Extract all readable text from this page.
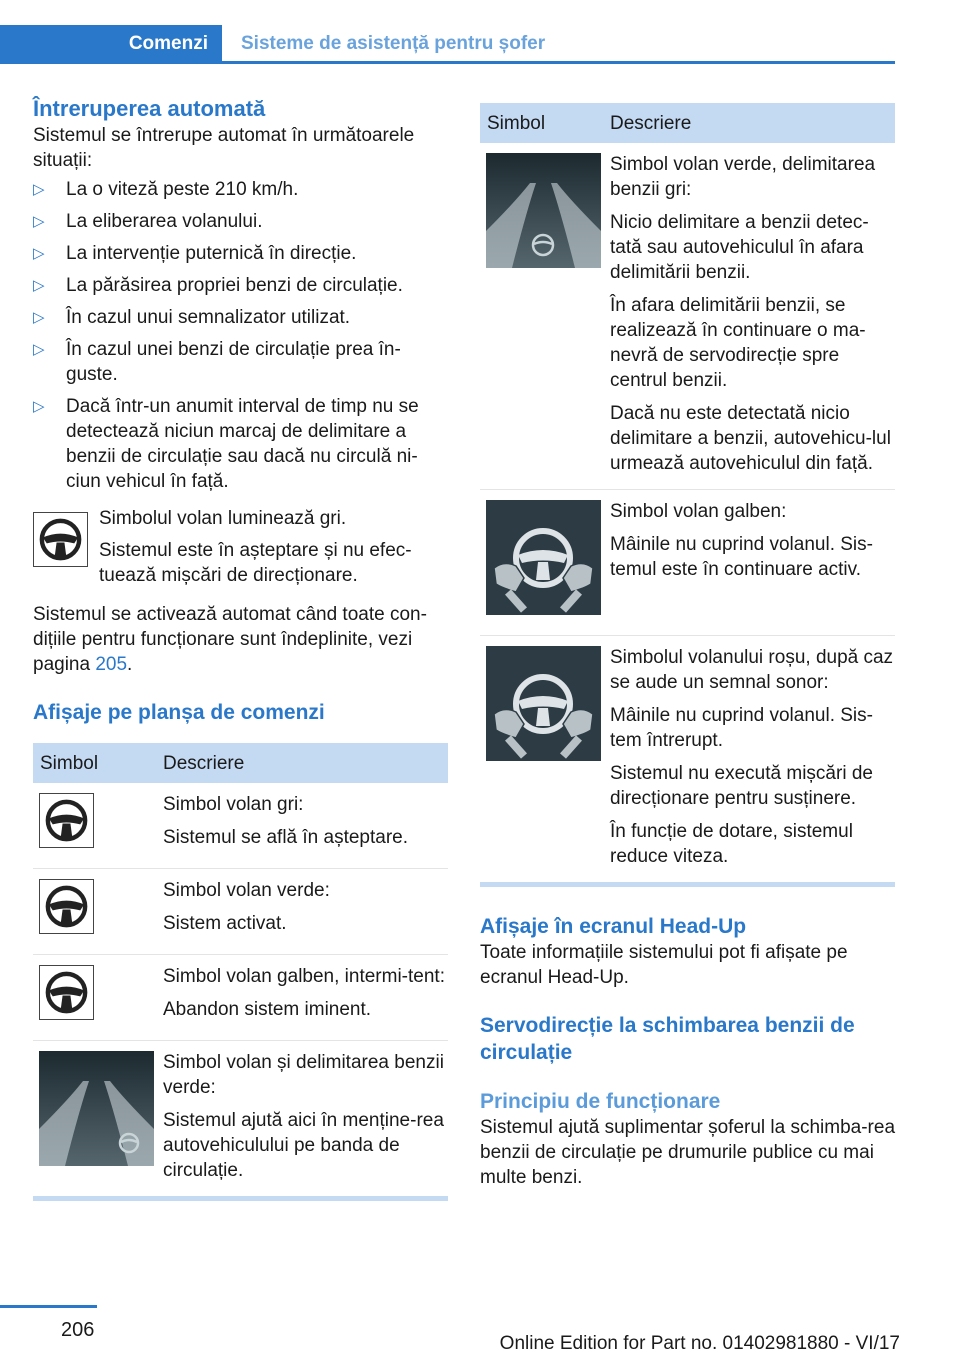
Comenzi Sisteme de asistență pentru șofer
Întreruperea automată

Sistemul se întrerupe automat în următoarele situații:

▷ La o viteză peste 210 km/h.
▷ La eliberarea volanului.
▷ La intervenție puternică în direcție.
▷ La părăsirea propriei benzi de circulație.
▷ În cazul unui semnalizator utilizat.
▷ În cazul unei benzi de circulație prea în‐guste.
▷ Dacă într-un anumit interval de timp nu se detectează niciun marcaj de delimitare a benzii de circulație sau dacă nu circulă ni‐ciun vehicul în față.

Simbolul volan luminează gri.

Sistemul este în așteptare și nu efec‐tuează mișcări de direcționare.

Sistemul se activează automat când toate con‐dițiile pentru funcționare sunt îndeplinite, vezi pagina 205.

Afișaje pe planșa de comenzi
Simbol	Descriere

Simbol volan gri:

Sistemul se află în așteptare.

Simbol volan verde:

Sistem activat.

Simbol volan galben, intermi‐tent:

Abandon sistem iminent.

Simbol volan și delimitarea benzii verde:

Sistemul ajută aici în menține‐rea autovehiculului pe banda de circulație.

Simbol	Descriere

Simbol volan verde, delimitarea benzii gri:

Nicio delimitare a benzii detec‐tată sau autovehiculul în afara delimitării benzii.

În afara delimitării benzii, se realizează în continuare o ma‐nevră de servodirecție spre centrul benzii.

Dacă nu este detectată nicio delimitare a benzii, autovehicu‐lul urmează autovehiculul din față.

Simbol volan galben:

Mâinile nu cuprind volanul. Sis‐temul este în continuare activ.

Simbolul volanului roșu, după caz se aude un semnal sonor:

Mâinile nu cuprind volanul. Sis‐tem întrerupt.

Sistemul nu execută mișcări de direcționare pentru susținere.

În funcție de dotare, sistemul reduce viteza.

Afișaje în ecranul Head-Up

Toate informațiile sistemului pot fi afișate pe ecranul Head-Up.

Servodirecție la schimbarea benzii de circulație
Principiu de funcționare

Sistemul ajută suplimentar șoferul la schimba‐rea benzii de circulație pe drumurile publice cu mai multe benzi.

206
Online Edition for Part no. 01402981880 - VI/17
